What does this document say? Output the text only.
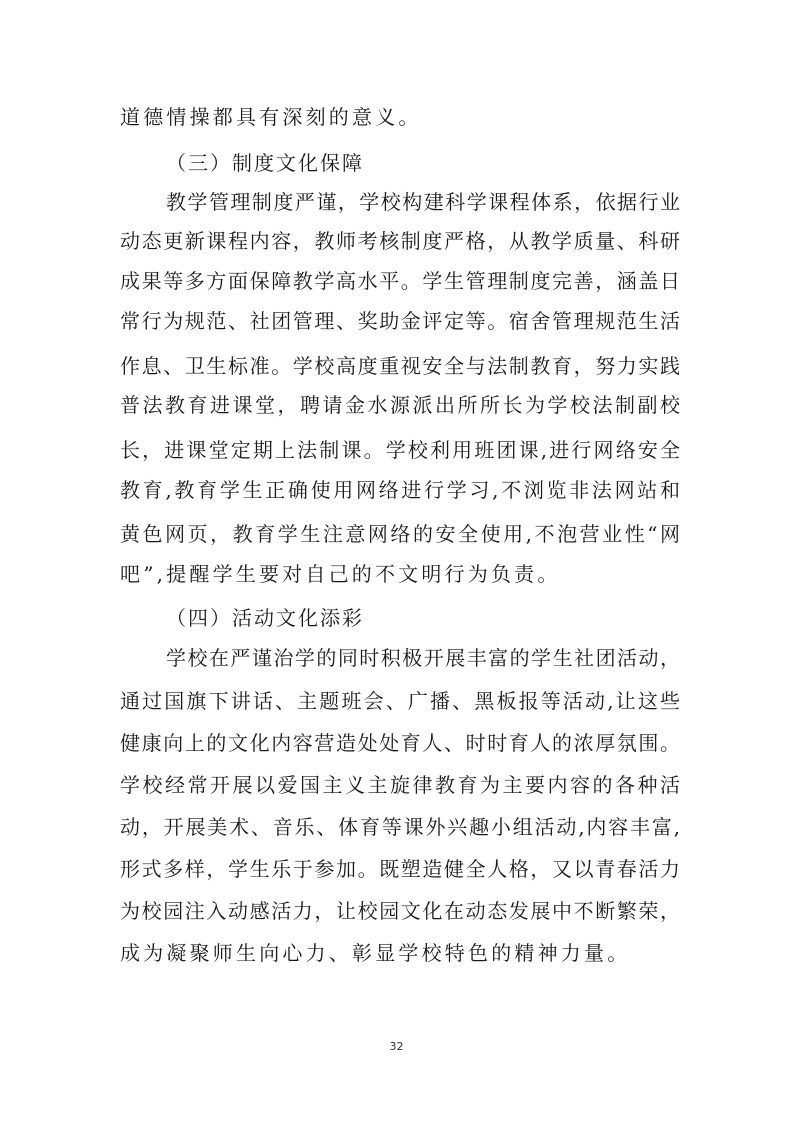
道德情操都具有深刻的意义。
（三）制度文化保障
教学管理制度严谨，学校构建科学课程体系，依据行业
动态更新课程内容，教师考核制度严格，从教学质量、科研
成果等多方面保障教学高水平。学生管理制度完善，涵盖日
常行为规范、社团管理、奖助金评定等。宿舍管理规范生活
作息、卫生标准。学校高度重视安全与法制教育，努力实践
普法教育进课堂，聘请金水源派出所所长为学校法制副校
长，进课堂定期上法制课。学校利用班团课,进行网络安全
教育,教育学生正确使用网络进行学习,不浏览非法网站和
黄色网页，教育学生注意网络的安全使用,不泡营业性“网
吧”,提醒学生要对自己的不文明行为负责。
（四）活动文化添彩
学校在严谨治学的同时积极开展丰富的学生社团活动，
通过国旗下讲话、主题班会、广播、黑板报等活动,让这些
健康向上的文化内容营造处处育人、时时育人的浓厚氛围。
学校经常开展以爱国主义主旋律教育为主要内容的各种活
动，开展美术、音乐、体育等课外兴趣小组活动,内容丰富,
形式多样，学生乐于参加。既塑造健全人格，又以青春活力
为校园注入动感活力，让校园文化在动态发展中不断繁荣，
成为凝聚师生向心力、彰显学校特色的精神力量。
32
